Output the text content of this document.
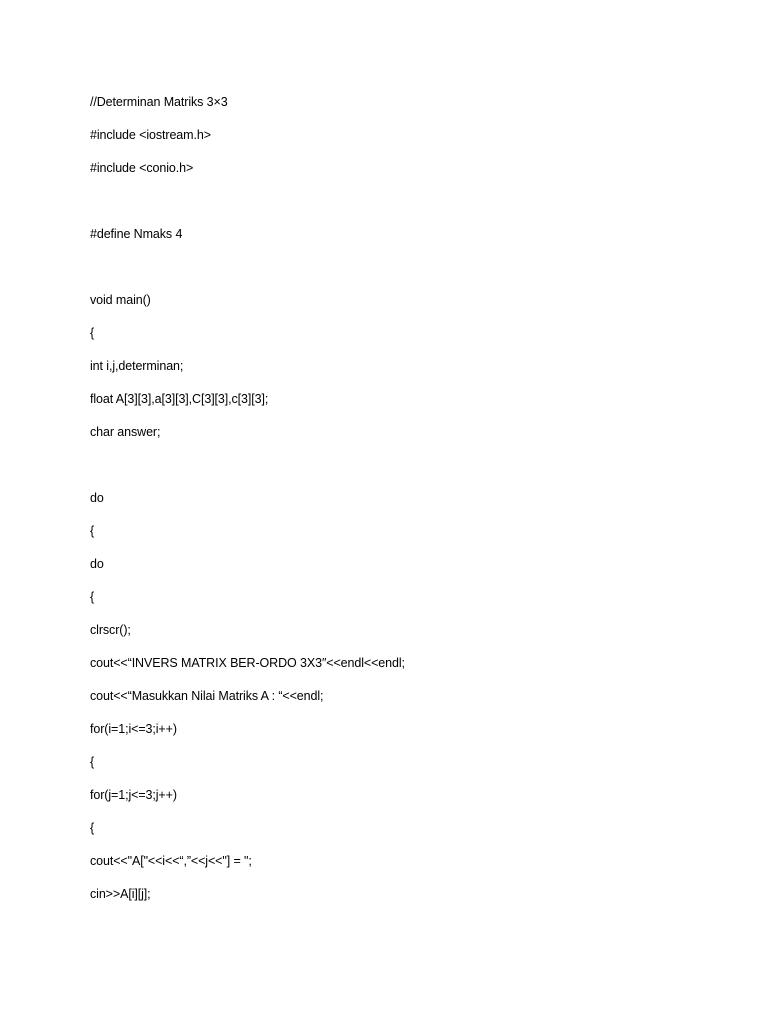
//Determinan Matriks 3×3
#include <iostream.h>
#include <conio.h>
#define Nmaks 4
void main()
{
int i,j,determinan;
float A[3][3],a[3][3],C[3][3],c[3][3];
char answer;
do
{
do
{
clrscr();
cout<<“INVERS MATRIX BER-ORDO 3X3″<<endl<<endl;
cout<<“Masukkan Nilai Matriks A : “<<endl;
for(i=1;i<=3;i++)
{
for(j=1;j<=3;j++)
{
cout<<"A["<<i<<“,”<<j<<"] = ";
cin>>A[i][j];
